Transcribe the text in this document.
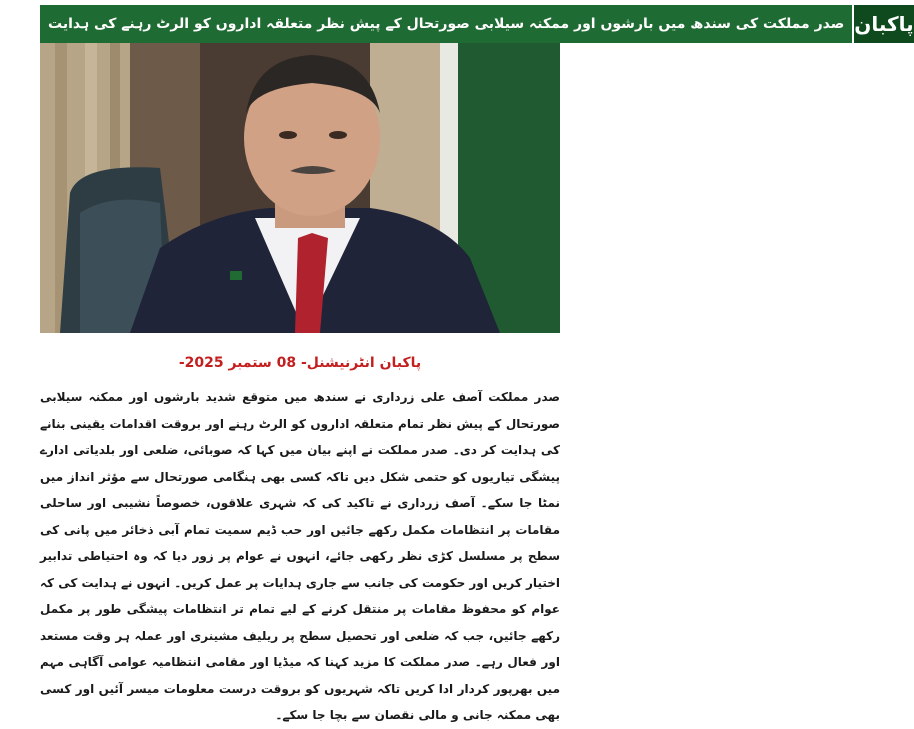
صدر مملکت کی سندھ میں بارشوں اور ممکنہ سیلابی صورتحال کے پیش نظر متعلقہ اداروں کو الرٹ رہنے کی ہدایت پاکبان
پاکبان انٹرنیشنل- 08 ستمبر 2025-
صدر مملکت آصف علی زرداری نے سندھ میں متوقع شدید بارشوں اور ممکنہ سیلابی صورتحال کے پیش نظر تمام متعلقہ اداروں کو الرٹ رہنے اور بروقت اقدامات یقینی بنانے کی ہدایت کر دی۔ صدر مملکت نے اپنے بیان میں کہا کہ صوبائی، ضلعی اور بلدیاتی ادارے پیشگی تیاریوں کو حتمی شکل دیں تاکہ کسی بھی ہنگامی صورتحال سے مؤثر انداز میں نمٹا جا سکے۔ آصف زرداری نے تاکید کی کہ شہری علاقوں، خصوصاً نشیبی اور ساحلی مقامات پر انتظامات مکمل رکھے جائیں اور حب ڈیم سمیت تمام آبی ذخائر میں پانی کی سطح پر مسلسل کڑی نظر رکھی جائے، انہوں نے عوام پر زور دیا کہ وہ احتیاطی تدابیر اختیار کریں اور حکومت کی جانب سے جاری ہدایات پر عمل کریں۔ انہوں نے ہدایت کی کہ عوام کو محفوظ مقامات پر منتقل کرنے کے لیے تمام تر انتظامات پیشگی طور پر مکمل رکھے جائیں، جب کہ ضلعی اور تحصیل سطح پر ریلیف مشینری اور عملہ ہر وقت مستعد اور فعال رہے۔ صدر مملکت کا مزید کہنا کہ میڈیا اور مقامی انتظامیہ عوامی آگاہی مہم میں بھرپور کردار ادا کریں تاکہ شہریوں کو بروقت درست معلومات میسر آئیں اور کسی بھی ممکنہ جانی و مالی نقصان سے بچا جا سکے۔
